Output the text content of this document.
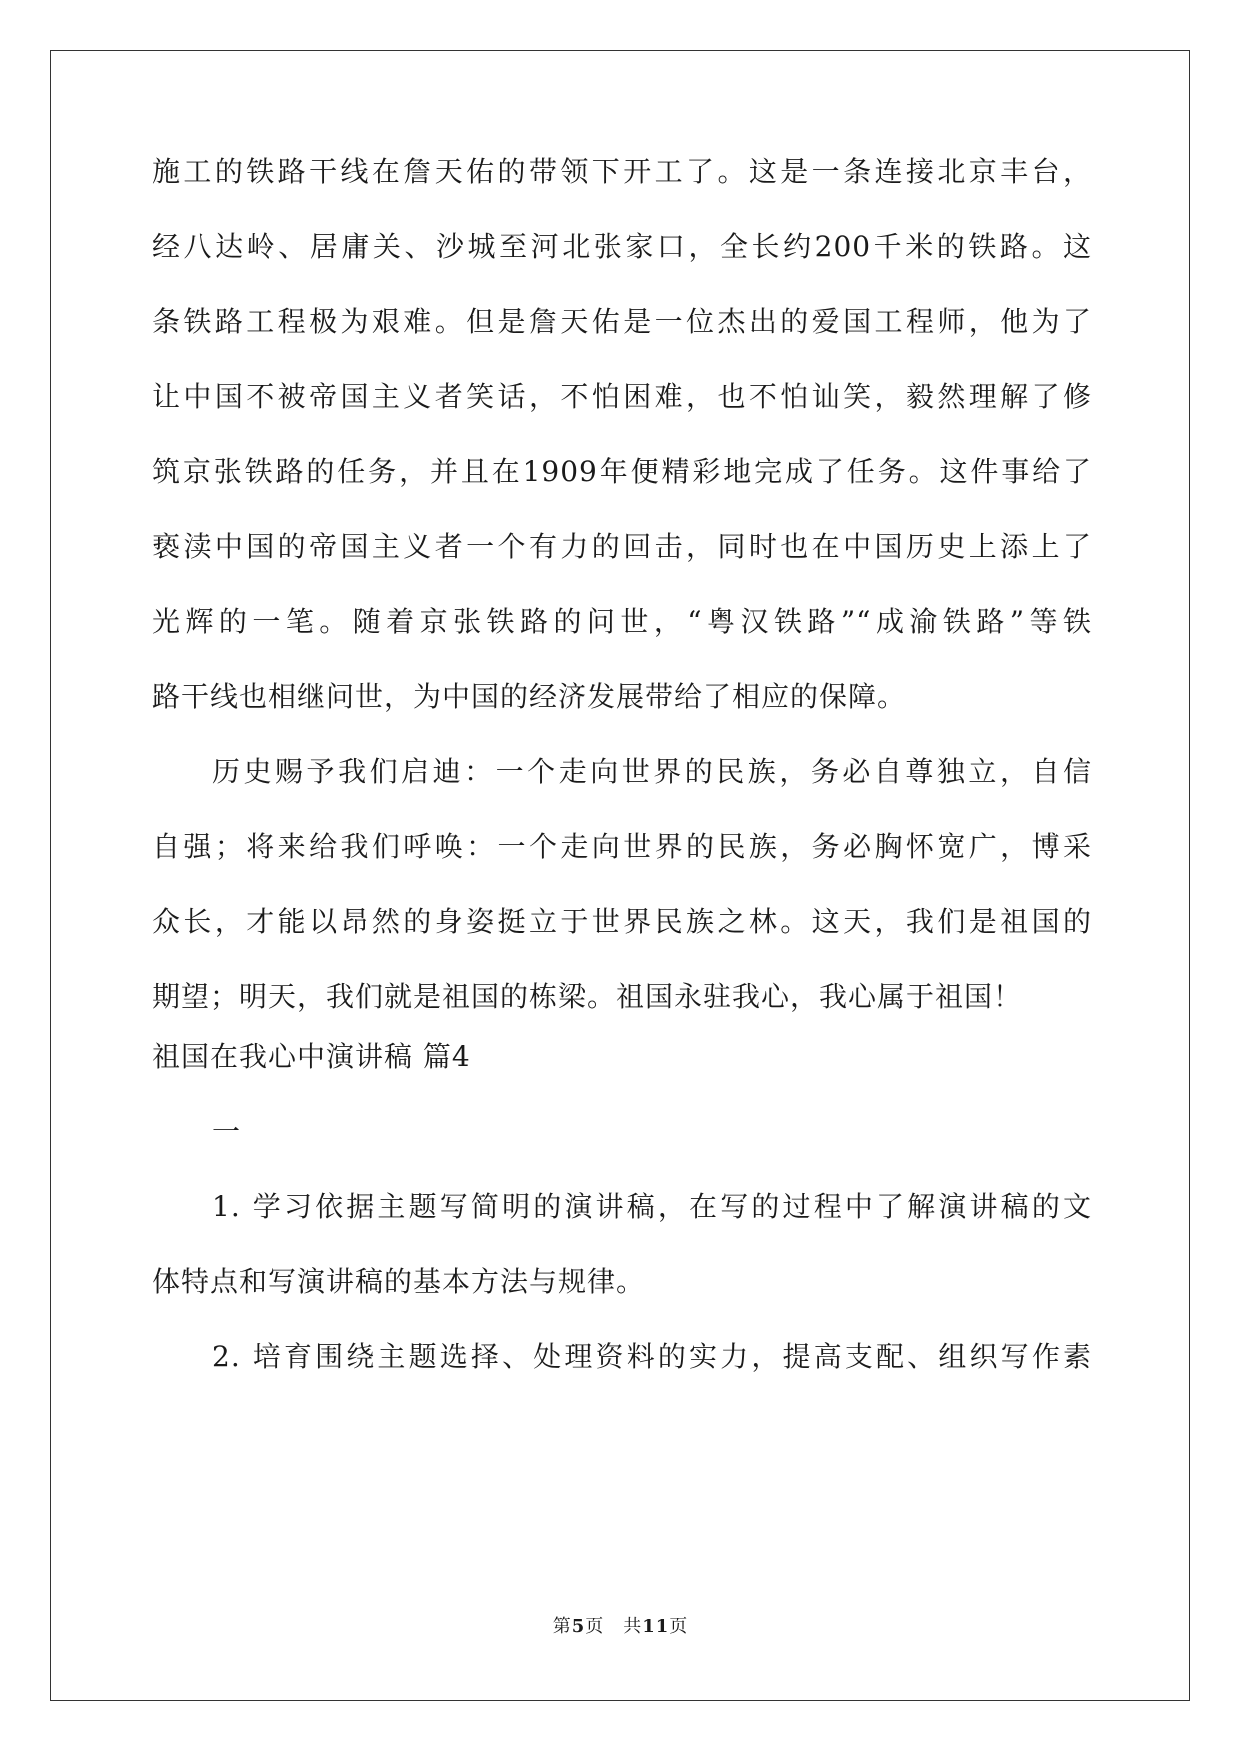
施工的铁路干线在詹天佑的带领下开工了。这是一条连接北京丰台，
经八达岭、居庸关、沙城至河北张家口，全长约200千米的铁路。这
条铁路工程极为艰难。但是詹天佑是一位杰出的爱国工程师，他为了
让中国不被帝国主义者笑话，不怕困难，也不怕讪笑，毅然理解了修
筑京张铁路的任务，并且在1909年便精彩地完成了任务。这件事给了
亵渎中国的帝国主义者一个有力的回击，同时也在中国历史上添上了
光辉的一笔。随着京张铁路的问世，“粤汉铁路”“成渝铁路”等铁
路干线也相继问世，为中国的经济发展带给了相应的保障。
历史赐予我们启迪：一个走向世界的民族，务必自尊独立，自信
自强；将来给我们呼唤：一个走向世界的民族，务必胸怀宽广，博采
众长，才能以昂然的身姿挺立于世界民族之林。这天，我们是祖国的
期望；明天，我们就是祖国的栋梁。祖国永驻我心，我心属于祖国！
祖国在我心中演讲稿 篇4
一
1. 学习依据主题写简明的演讲稿，在写的过程中了解演讲稿的文
体特点和写演讲稿的基本方法与规律。
2. 培育围绕主题选择、处理资料的实力，提高支配、组织写作素
第5页　共11页
